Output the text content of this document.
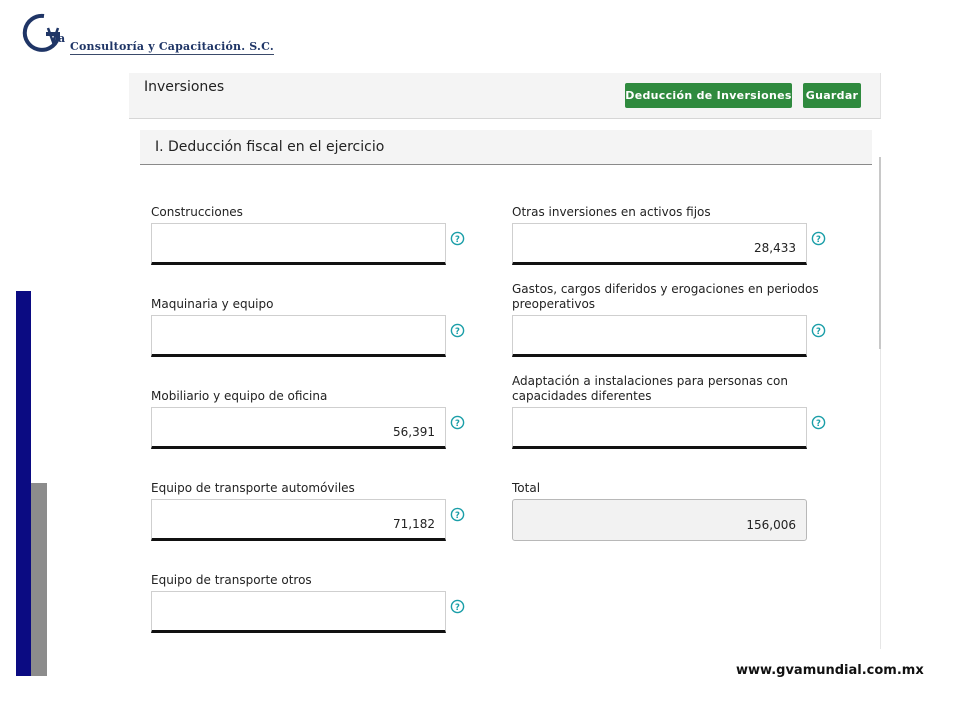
a
Consultoría y Capacitación. S.C.
Inversiones
Deducción de Inversiones Guardar
I. Deducción fiscal en el ejercicio
Construcciones
?
Maquinaria y equipo
?
Mobiliario y equipo de oficina
56,391
?
Equipo de transporte automóviles
71,182
?
Equipo de transporte otros
?
Otras inversiones en activos fijos
28,433
?
Gastos, cargos diferidos y erogaciones en periodos preoperativos
?
Adaptación a instalaciones para personas con capacidades diferentes
?
Total
156,006
www.gvamundial.com.mx
